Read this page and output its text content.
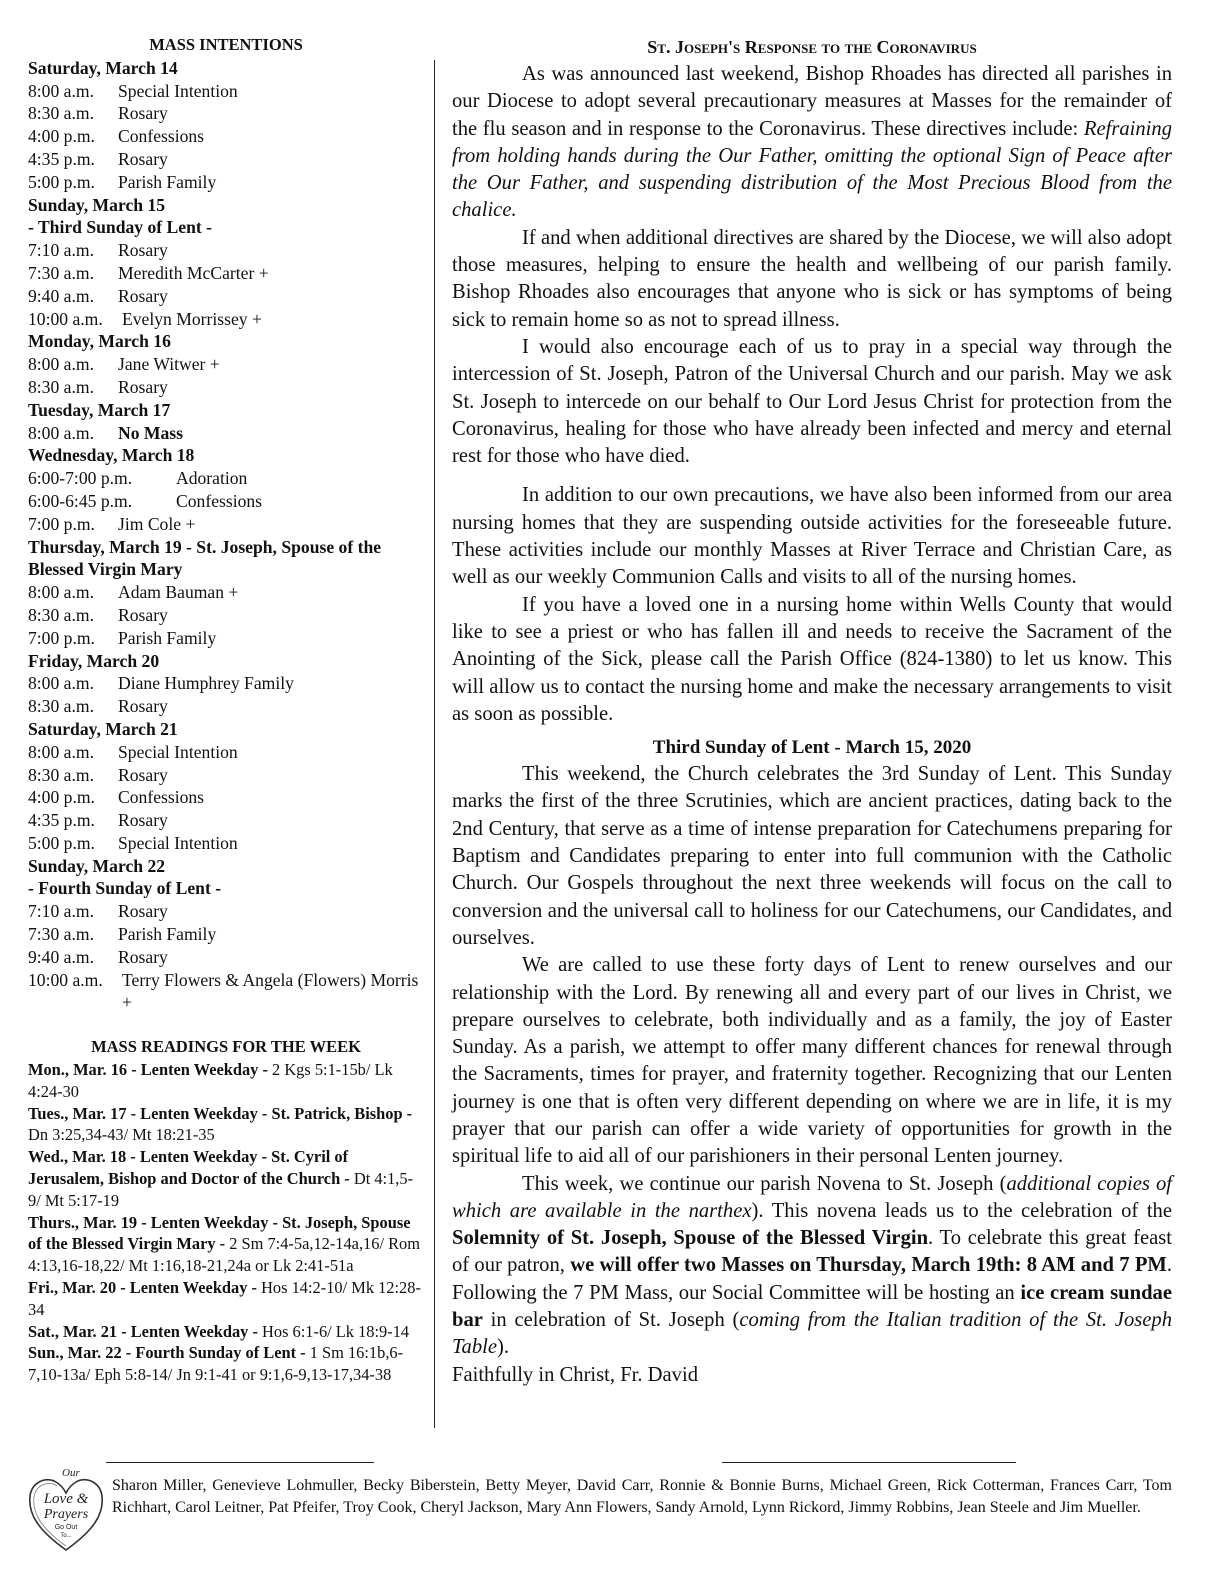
MASS INTENTIONS
Saturday, March 14
8:00 a.m.	Special Intention
8:30 a.m.	Rosary
4:00 p.m.	Confessions
4:35 p.m.	Rosary
5:00 p.m.	Parish Family
Sunday, March 15
- Third Sunday of Lent -
7:10 a.m.	Rosary
7:30 a.m.	Meredith McCarter +
9:40 a.m.	Rosary
10:00 a.m.	Evelyn Morrissey +
Monday, March 16
8:00 a.m.	Jane Witwer +
8:30 a.m.	Rosary
Tuesday, March 17
8:00 a.m.	No Mass
Wednesday, March 18
6:00-7:00 p.m.	Adoration
6:00-6:45 p.m.	Confessions
7:00 p.m.	Jim Cole +
Thursday, March 19 - St. Joseph, Spouse of the Blessed Virgin Mary
8:00 a.m.	Adam Bauman +
8:30 a.m.	Rosary
7:00 p.m.	Parish Family
Friday, March 20
8:00 a.m.	Diane Humphrey Family
8:30 a.m.	Rosary
Saturday, March 21
8:00 a.m.	Special Intention
8:30 a.m.	Rosary
4:00 p.m.	Confessions
4:35 p.m.	Rosary
5:00 p.m.	Special Intention
Sunday, March 22
- Fourth Sunday of Lent -
7:10 a.m.	Rosary
7:30 a.m.	Parish Family
9:40 a.m.	Rosary
10:00 a.m.	Terry Flowers & Angela (Flowers) Morris +
MASS READINGS FOR THE WEEK
Mon., Mar. 16 - Lenten Weekday - 2 Kgs 5:1-15b/ Lk 4:24-30
Tues., Mar. 17 - Lenten Weekday - St. Patrick, Bishop - Dn 3:25,34-43/ Mt 18:21-35
Wed., Mar. 18 - Lenten Weekday - St. Cyril of Jerusalem, Bishop and Doctor of the Church - Dt 4:1,5-9/ Mt 5:17-19
Thurs., Mar. 19 - Lenten Weekday - St. Joseph, Spouse of the Blessed Virgin Mary - 2 Sm 7:4-5a,12-14a,16/ Rom 4:13,16-18,22/ Mt 1:16,18-21,24a or Lk 2:41-51a
Fri., Mar. 20 - Lenten Weekday - Hos 14:2-10/ Mk 12:28-34
Sat., Mar. 21 - Lenten Weekday - Hos 6:1-6/ Lk 18:9-14
Sun., Mar. 22 - Fourth Sunday of Lent - 1 Sm 16:1b,6-7,10-13a/ Eph 5:8-14/ Jn 9:1-41 or 9:1,6-9,13-17,34-38
St. Joseph's Response to the Coronavirus

As was announced last weekend, Bishop Rhoades has directed all parishes in our Diocese to adopt several precautionary measures at Masses for the remainder of the flu season and in response to the Coronavirus. These directives include: Refraining from holding hands during the Our Father, omitting the optional Sign of Peace after the Our Father, and suspending distribution of the Most Precious Blood from the chalice.

If and when additional directives are shared by the Diocese, we will also adopt those measures, helping to ensure the health and wellbeing of our parish family. Bishop Rhoades also encourages that anyone who is sick or has symptoms of being sick to remain home so as not to spread illness.

I would also encourage each of us to pray in a special way through the intercession of St. Joseph, Patron of the Universal Church and our parish. May we ask St. Joseph to intercede on our behalf to Our Lord Jesus Christ for protection from the Coronavirus, healing for those who have already been infected and mercy and eternal rest for those who have died.

In addition to our own precautions, we have also been informed from our area nursing homes that they are suspending outside activities for the foreseeable future. These activities include our monthly Masses at River Terrace and Christian Care, as well as our weekly Communion Calls and visits to all of the nursing homes.

If you have a loved one in a nursing home within Wells County that would like to see a priest or who has fallen ill and needs to receive the Sacrament of the Anointing of the Sick, please call the Parish Office (824-1380) to let us know. This will allow us to contact the nursing home and make the necessary arrangements to visit as soon as possible.

Third Sunday of Lent - March 15, 2020

This weekend, the Church celebrates the 3rd Sunday of Lent. This Sunday marks the first of the three Scrutinies, which are ancient practices, dating back to the 2nd Century, that serve as a time of intense preparation for Catechumens preparing for Baptism and Candidates preparing to enter into full communion with the Catholic Church. Our Gospels throughout the next three weekends will focus on the call to conversion and the universal call to holiness for our Catechumens, our Candidates, and ourselves.

We are called to use these forty days of Lent to renew ourselves and our relationship with the Lord. By renewing all and every part of our lives in Christ, we prepare ourselves to celebrate, both individually and as a family, the joy of Easter Sunday. As a parish, we attempt to offer many different chances for renewal through the Sacraments, times for prayer, and fraternity together. Recognizing that our Lenten journey is one that is often very different depending on where we are in life, it is my prayer that our parish can offer a wide variety of opportunities for growth in the spiritual life to aid all of our parishioners in their personal Lenten journey.

This week, we continue our parish Novena to St. Joseph (additional copies of which are available in the narthex). This novena leads us to the celebration of the Solemnity of St. Joseph, Spouse of the Blessed Virgin. To celebrate this great feast of our patron, we will offer two Masses on Thursday, March 19th: 8 AM and 7 PM. Following the 7 PM Mass, our Social Committee will be hosting an ice cream sundae bar in celebration of St. Joseph (coming from the Italian tradition of the St. Joseph Table).

Faithfully in Christ, Fr. David

Our
Love &
Prayers
Go Out
To...
Sharon Miller, Genevieve Lohmuller, Becky Biberstein, Betty Meyer, David Carr, Ronnie & Bonnie Burns, Michael Green, Rick Cotterman, Frances Carr, Tom Richhart, Carol Leitner, Pat Pfeifer, Troy Cook, Cheryl Jackson, Mary Ann Flowers, Sandy Arnold, Lynn Rickord, Jimmy Robbins, Jean Steele and Jim Mueller.
